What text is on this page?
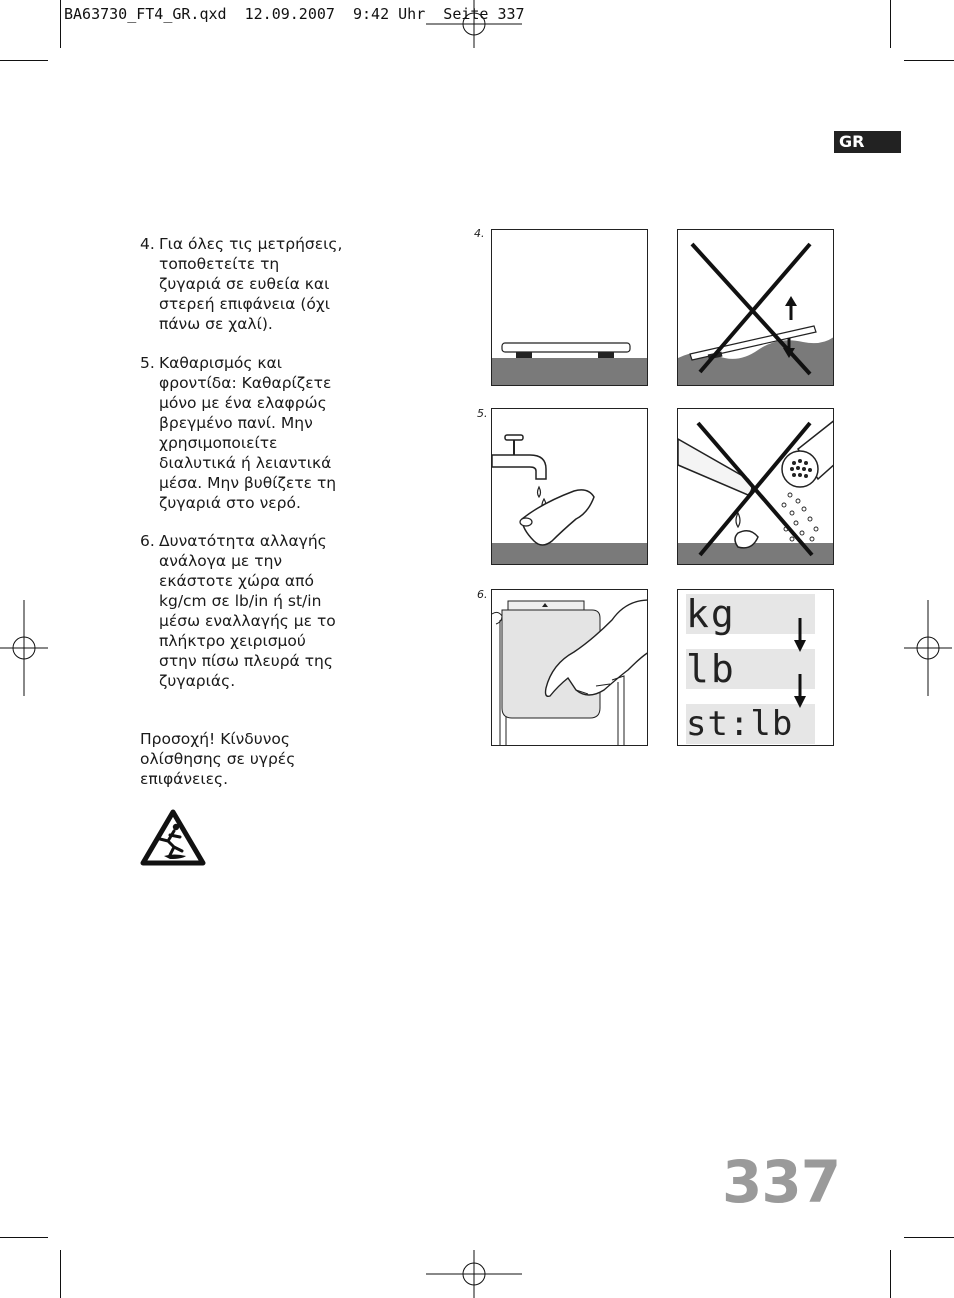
BA63730_FT4_GR.qxd  12.09.2007  9:42 Uhr  Seite 337
GR
4. Για όλες τις μετρήσεις,
τοποθετείτε τη
ζυγαριά σε ευθεία και
στερεή επιφάνεια (όχι
πάνω σε χαλί).
5. Καθαρισμός και
φροντίδα: Καθαρίζετε
μόνο με ένα ελαφρώς
βρεγμένο πανί. Μην
χρησιμοποιείτε
διαλυτικά ή λειαντικά
μέσα. Μην βυθίζετε τη
ζυγαριά στο νερό.
6. Δυνατότητα αλλαγής
ανάλογα με την
εκάστοτε χώρα από
kg/cm σε lb/in ή st/in
μέσω εναλλαγής με το
πλήκτρο χειρισμού
στην πίσω πλευρά της
ζυγαριάς.
Προσοχή! Κίνδυνος
ολίσθησης σε υγρές
επιφάνειες.
4.
5.
6.	kg
lb
st:lb
337
